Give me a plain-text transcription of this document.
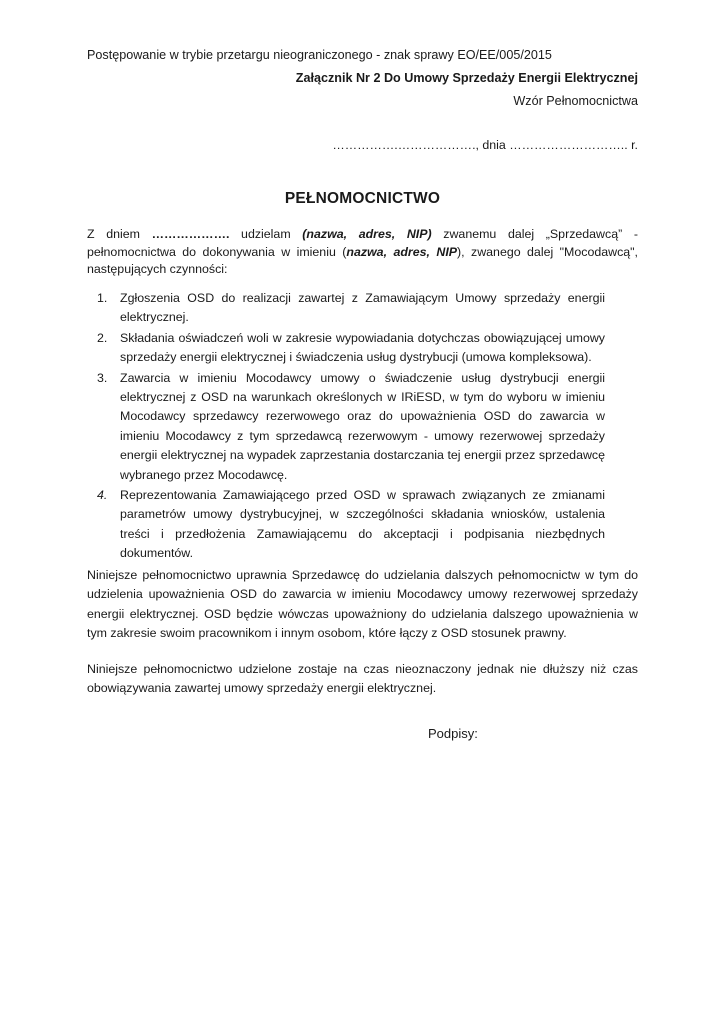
Postępowanie w trybie przetargu nieograniczonego - znak sprawy EO/EE/005/2015
Załącznik Nr 2 Do Umowy Sprzedaży Energii Elektrycznej
Wzór Pełnomocnictwa
…………….………………., dnia ……………………….. r.
PEŁNOMOCNICTWO
Z dniem ………………. udzielam (nazwa, adres, NIP) zwanemu dalej „Sprzedawcą” - pełnomocnictwa do dokonywania w imieniu (nazwa, adres, NIP), zwanego dalej "Mocodawcą", następujących czynności:
1. Zgłoszenia OSD do realizacji zawartej z Zamawiającym Umowy sprzedaży energii elektrycznej.
2. Składania oświadczeń woli w zakresie wypowiadania dotychczas obowiązującej umowy sprzedaży energii elektrycznej i świadczenia usług dystrybucji (umowa kompleksowa).
3. Zawarcia w imieniu Mocodawcy umowy o świadczenie usług dystrybucji energii elektrycznej z OSD na warunkach określonych w IRiESD, w tym do wyboru w imieniu Mocodawcy sprzedawcy rezerwowego oraz do upoważnienia OSD do zawarcia w imieniu Mocodawcy z tym sprzedawcą rezerwowym - umowy rezerwowej sprzedaży energii elektrycznej na wypadek zaprzestania dostarczania tej energii przez sprzedawcę wybranego przez Mocodawcę.
4. Reprezentowania Zamawiającego przed OSD w sprawach związanych ze zmianami parametrów umowy dystrybucyjnej, w szczególności składania wniosków, ustalenia treści i przedłożenia Zamawiającemu do akceptacji i podpisania niezbędnych dokumentów.
Niniejsze pełnomocnictwo uprawnia Sprzedawcę do udzielania dalszych pełnomocnictw w tym do udzielenia upoważnienia OSD do zawarcia w imieniu Mocodawcy umowy rezerwowej sprzedaży energii elektrycznej. OSD będzie wówczas upoważniony do udzielania dalszego upoważnienia w tym zakresie swoim pracownikom i innym osobom, które łączy z OSD stosunek prawny.
Niniejsze pełnomocnictwo udzielone zostaje na czas nieoznaczony jednak nie dłuższy niż czas obowiązywania zawartej umowy sprzedaży energii elektrycznej.
Podpisy:
